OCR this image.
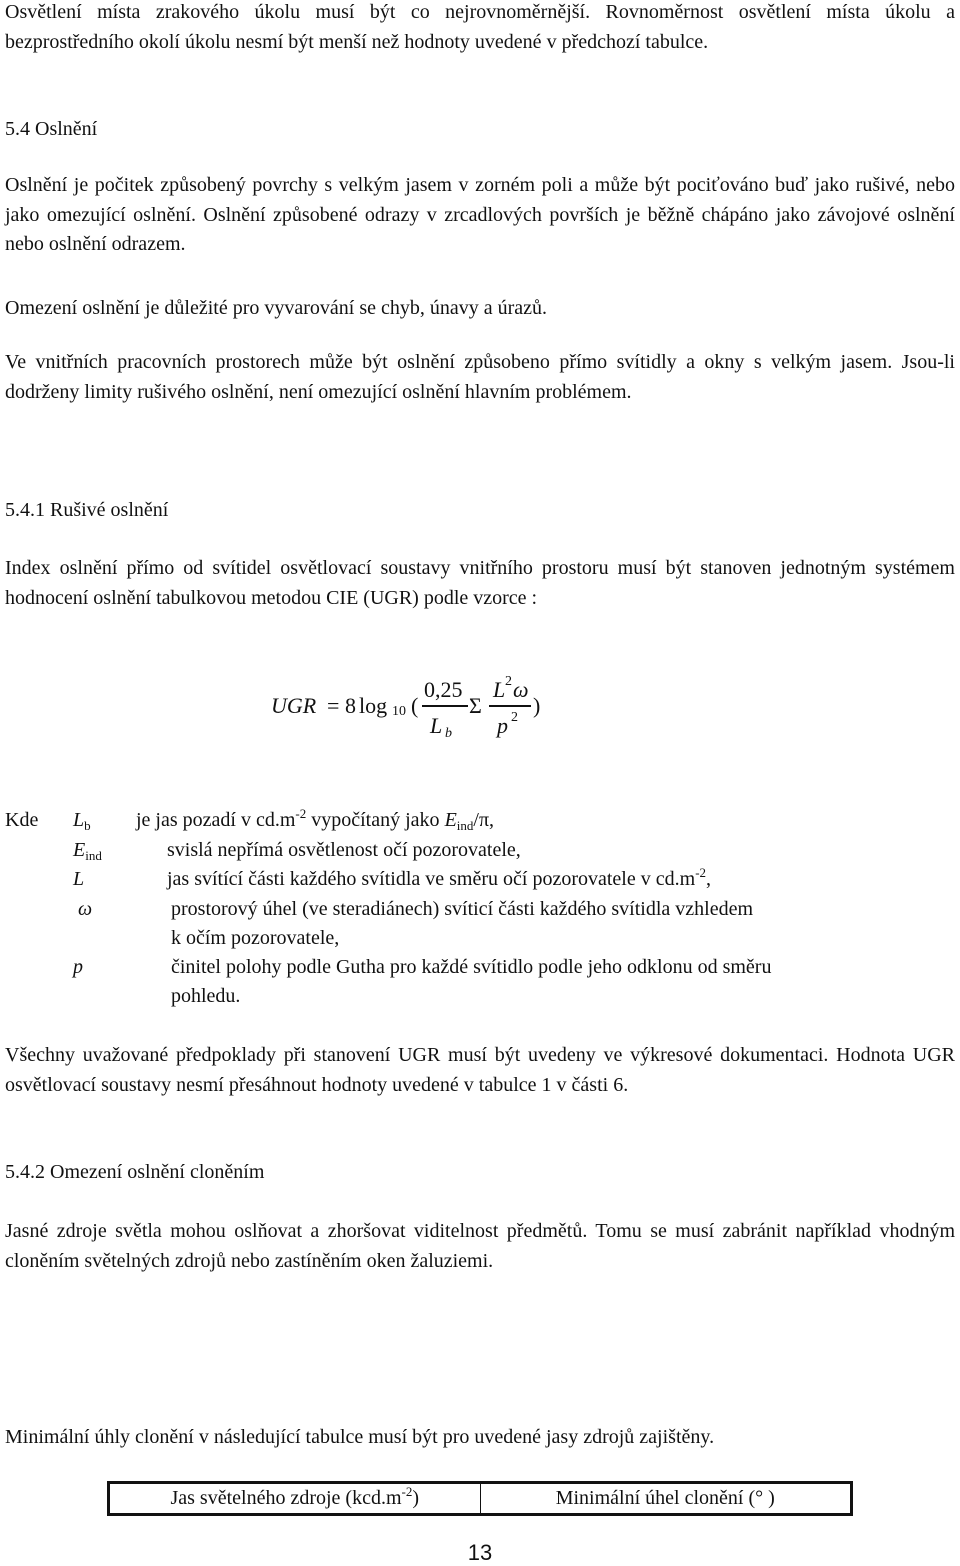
Osvětlení místa zrakového úkolu musí být co nejrovnoměrnější. Rovnoměrnost osvětlení místa úkolu a bezprostředního okolí úkolu nesmí být menší než hodnoty uvedené v předchozí tabulce.

5.4 Oslnění

Oslnění je počitek způsobený povrchy s velkým jasem v zorném poli a může být pociťováno buď jako rušivé, nebo jako omezující oslnění. Oslnění způsobené odrazy v zrcadlových površích je běžně chápáno jako závojové oslnění nebo oslnění odrazem.

Omezení oslnění je důležité pro vyvarování se chyb, únavy a úrazů.

Ve vnitřních pracovních prostorech může být oslnění způsobeno přímo svítidly a okny s velkým jasem. Jsou-li dodrženy limity rušivého oslnění, není omezující oslnění hlavním problémem.

5.4.1 Rušivé oslnění

Index oslnění přímo od svítidel osvětlovací soustavy vnitřního prostoru musí být stanoven jednotným systémem hodnocení oslnění tabulkovou metodou CIE (UGR) podle vzorce :

UGR = 8 log 10 (
0,25
L b
Σ
L 2 ω
p 2 )
Kde $L_b$ je jas pozadí v $cd.m^{-2}$ vypočítaný jako $E_{ind}/\pi$,
$E_{ind}$	svislá nepřímá osvětlenost očí pozorovatele,
L	jas svítící části každého svítidla ve směru očí pozorovatele v $cd.m^{-2}$,
ω	prostorový úhel (ve steradiánech) svíticí části každého svítidla vzhledem
k očím pozorovatele,
p	činitel polohy podle Gutha pro každé svítidlo podle jeho odklonu od směru
pohledu.

Všechny uvažované předpoklady při stanovení UGR musí být uvedeny ve výkresové dokumentaci. Hodnota UGR osvětlovací soustavy nesmí přesáhnout hodnoty uvedené v tabulce 1 v části 6.

5.4.2 Omezení oslnění cloněním

Jasné zdroje světla mohou oslňovat a zhoršovat viditelnost předmětů. Tomu se musí zabránit například vhodným cloněním světelných zdrojů nebo zastíněním oken žaluziemi.

Minimální úhly clonění v následující tabulce musí být pro uvedené jasy zdrojů zajištěny.

Jas světelného zdroje $(kcd.m^{-2})$	Minimální úhel clonění (° )
13
